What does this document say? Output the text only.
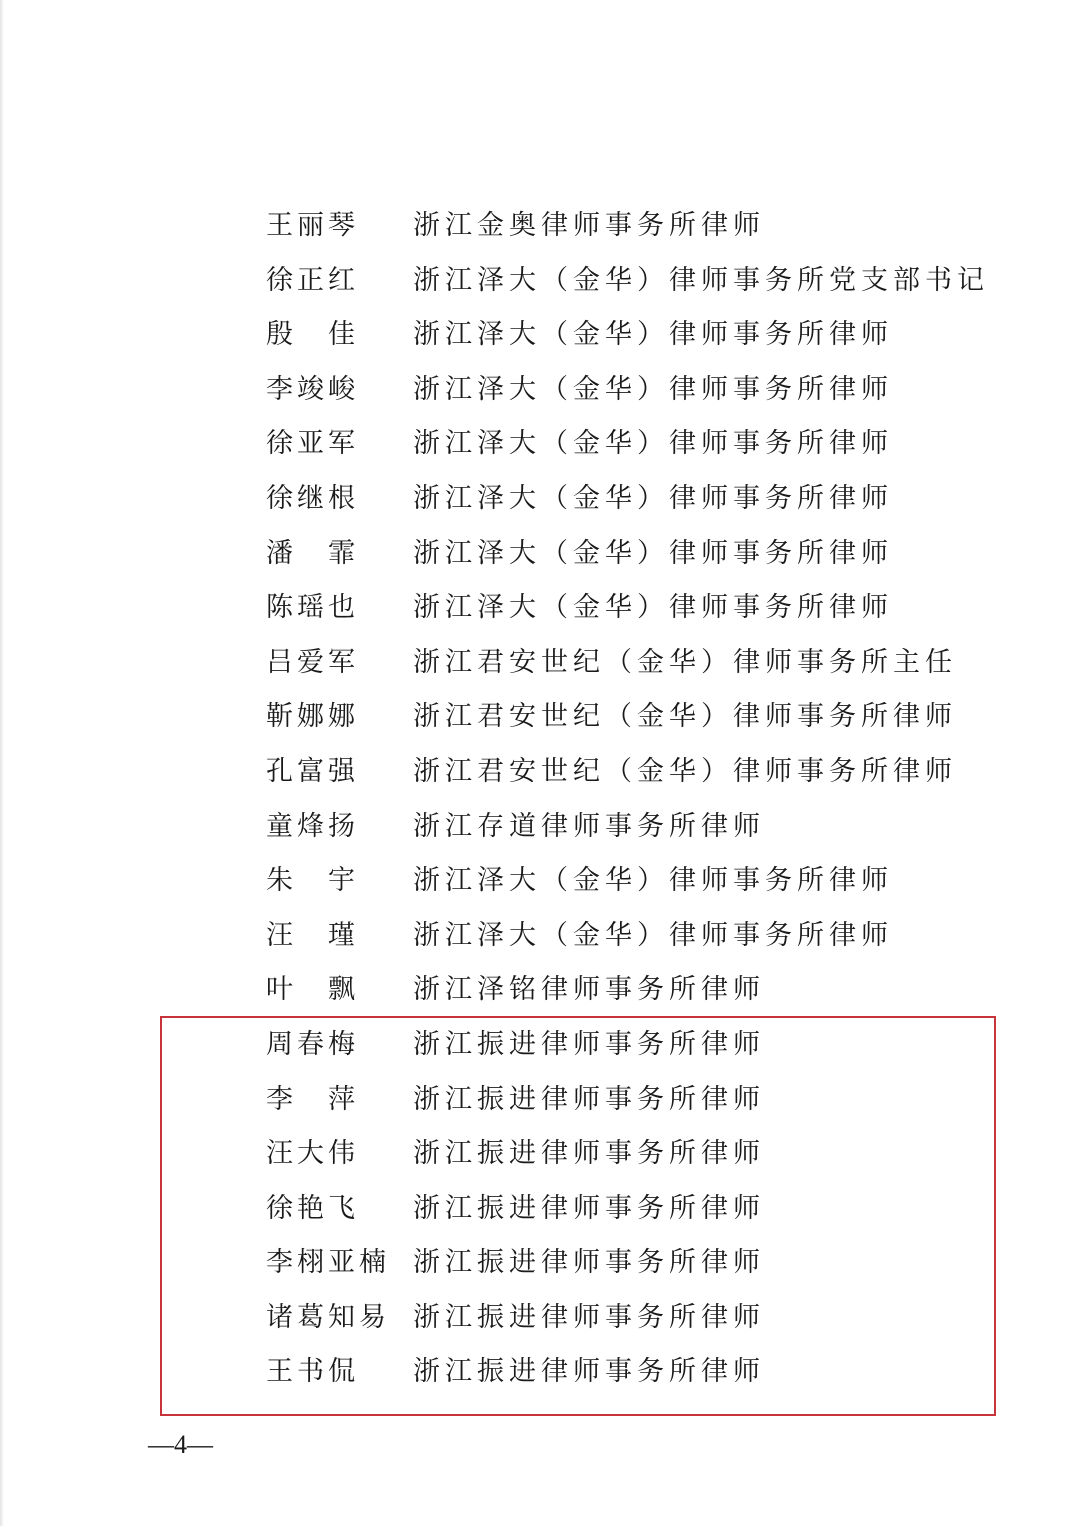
王丽琴	浙江金奥律师事务所律师
徐正红	浙江泽大（金华）律师事务所党支部书记
殷　佳	浙江泽大（金华）律师事务所律师
李竣峻	浙江泽大（金华）律师事务所律师
徐亚军	浙江泽大（金华）律师事务所律师
徐继根	浙江泽大（金华）律师事务所律师
潘　霏	浙江泽大（金华）律师事务所律师
陈瑶也	浙江泽大（金华）律师事务所律师
吕爱军	浙江君安世纪（金华）律师事务所主任
靳娜娜	浙江君安世纪（金华）律师事务所律师
孔富强	浙江君安世纪（金华）律师事务所律师
童烽扬	浙江存道律师事务所律师
朱　宇	浙江泽大（金华）律师事务所律师
汪　瑾	浙江泽大（金华）律师事务所律师
叶　飘	浙江泽铭律师事务所律师
周春梅	浙江振进律师事务所律师
李　萍	浙江振进律师事务所律师
汪大伟	浙江振进律师事务所律师
徐艳飞	浙江振进律师事务所律师
李栩亚楠 浙江振进律师事务所律师
诸葛知易 浙江振进律师事务所律师
王书侃	浙江振进律师事务所律师
—4—
